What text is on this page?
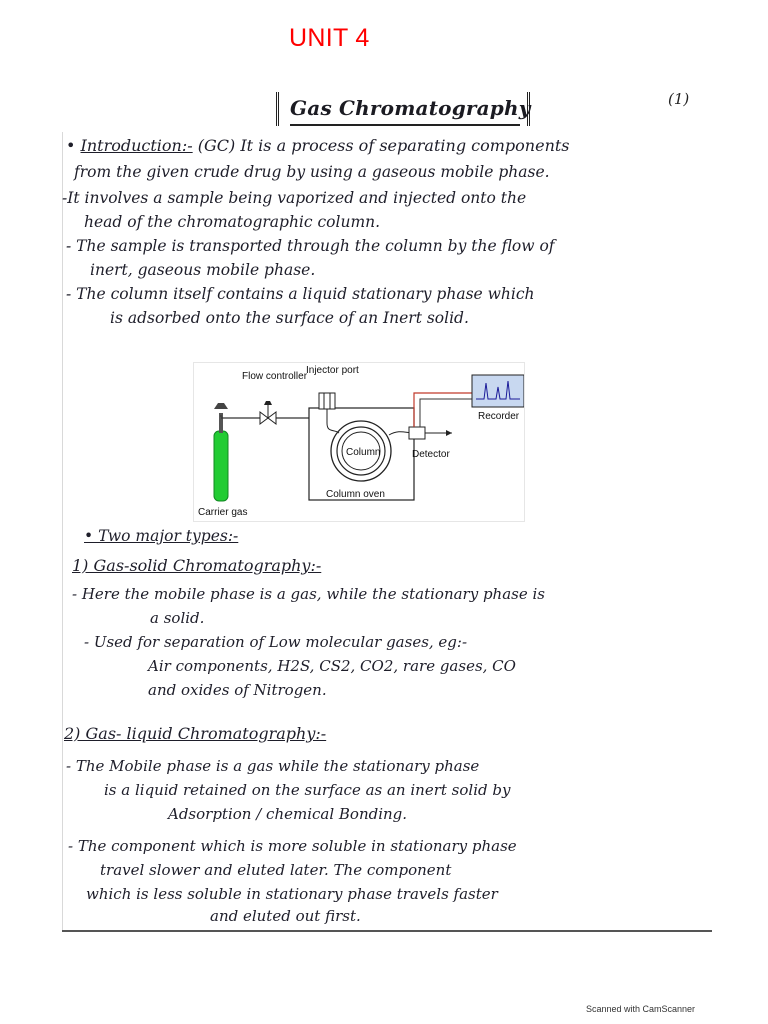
UNIT 4
(1)
Gas Chromatography
• Introduction:- (GC) It is a process of separating components
from the given crude drug by using a gaseous mobile phase.
-It involves a sample being vaporized and injected onto the
head of the chromatographic column.
- The sample is transported through the column by the flow of
inert, gaseous mobile phase.
- The column itself contains a liquid stationary phase which
is adsorbed onto the surface of an Inert solid.
Flow controller
Injector port
Recorder
Column	Detector
Column oven
Carrier gas
• Two major types:-
1) Gas-solid Chromatography:-
- Here the mobile phase is a gas, while the stationary phase is
a solid.
- Used for separation of Low molecular gases, eg:-
Air components, H2S, CS2, CO2, rare gases, CO
and oxides of Nitrogen.
2) Gas- liquid Chromatography:-
- The Mobile phase is a gas while the stationary phase
is a liquid retained on the surface as an inert solid by
Adsorption / chemical Bonding.
- The component which is more soluble in stationary phase
travel slower and eluted later. The component
which is less soluble in stationary phase travels faster
and eluted out first.
Scanned with CamScanner
